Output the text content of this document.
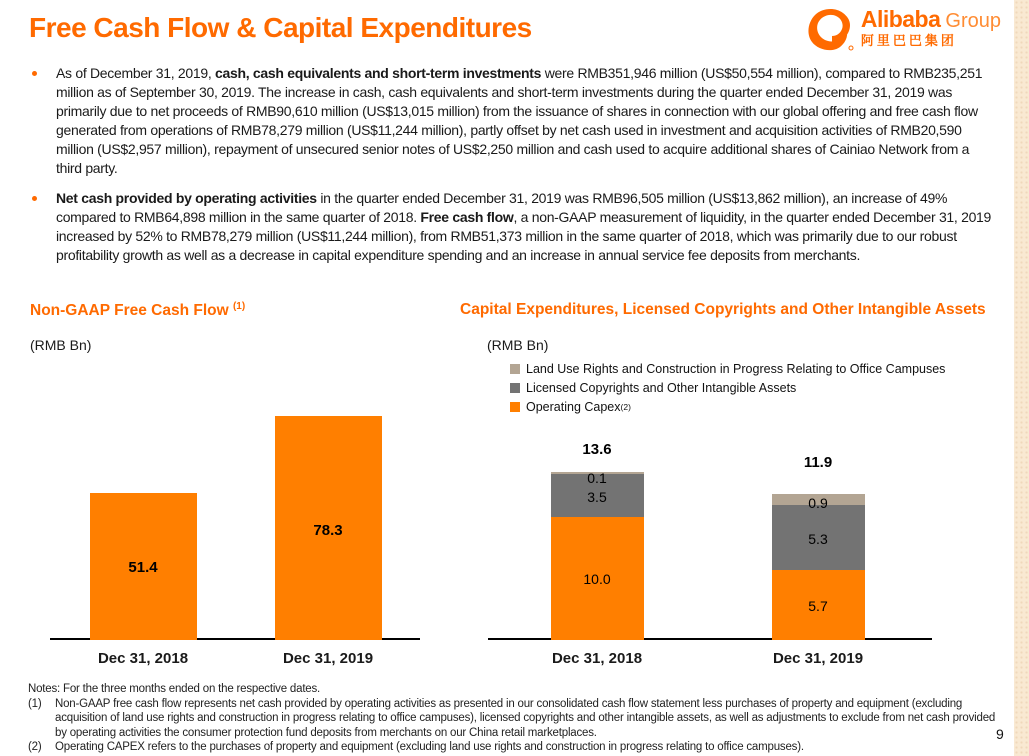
Free Cash Flow & Capital Expenditures	Alibaba Group
阿里巴巴集团
As of December 31, 2019, cash, cash equivalents and short-term investments were RMB351,946 million (US$50,554 million), compared to RMB235,251 million as of September 30, 2019. The increase in cash, cash equivalents and short-term investments during the quarter ended December 31, 2019 was primarily due to net proceeds of RMB90,610 million (US$13,015 million) from the issuance of shares in connection with our global offering and free cash flow generated from operations of RMB78,279 million (US$11,244 million), partly offset by net cash used in investment and acquisition activities of RMB20,590 million (US$2,957 million), repayment of unsecured senior notes of US$2,250 million and cash used to acquire additional shares of Cainiao Network from a third party.
Net cash provided by operating activities in the quarter ended December 31, 2019 was RMB96,505 million (US$13,862 million), an increase of 49% compared to RMB64,898 million in the same quarter of 2018. Free cash flow, a non-GAAP measurement of liquidity, in the quarter ended December 31, 2019 increased by 52% to RMB78,279 million (US$11,244 million), from RMB51,373 million in the same quarter of 2018, which was primarily due to our robust profitability growth as well as a decrease in capital expenditure spending and an increase in annual service fee deposits from merchants.
Non-GAAP Free Cash Flow $^{(1)}$
(RMB Bn)
51.4
78.3
Dec 31, 2018	Dec 31, 2019
Capital Expenditures, Licensed Copyrights and Other Intangible Assets
(RMB Bn)
Land Use Rights and Construction in Progress Relating to Office Campuses
Licensed Copyrights and Other Intangible Assets
Operating Capex (2)
13.6
11.9
0.1
3.5
10.0
0.9
5.3
5.7
Dec 31, 2018	Dec 31, 2019
Notes: For the three months ended on the respective dates.
(1)	Non-GAAP free cash flow represents net cash provided by operating activities as presented in our consolidated cash flow statement less purchases of property and equipment (excluding acquisition of land use rights and construction in progress relating to office campuses), licensed copyrights and other intangible assets, as well as adjustments to exclude from net cash provided by operating activities the consumer protection fund deposits from merchants on our China retail marketplaces.
(2)	Operating CAPEX refers to the purchases of property and equipment (excluding land use rights and construction in progress relating to office campuses).
9
